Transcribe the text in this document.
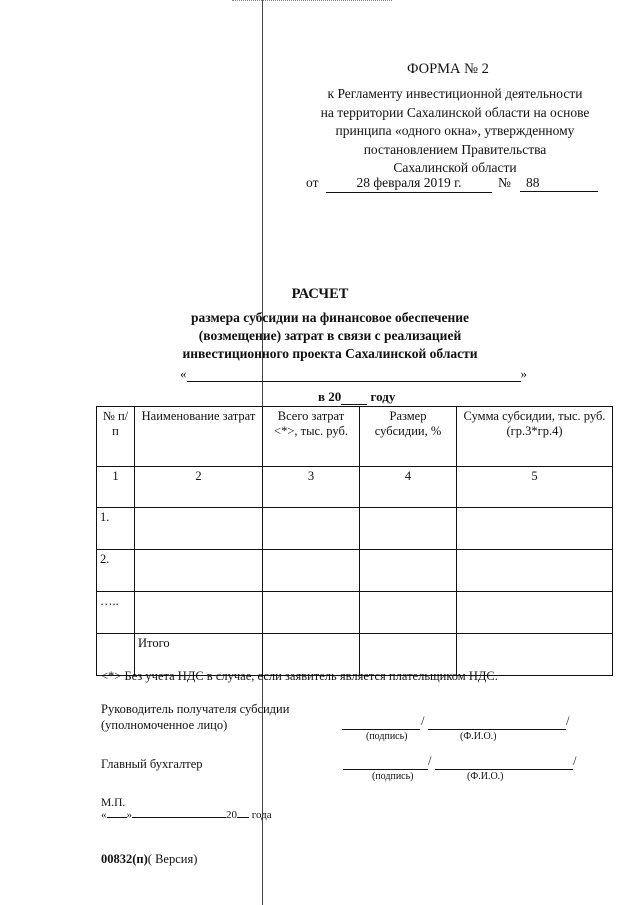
ФОРМА № 2
к Регламенту инвестиционной деятельности
на территории Сахалинской области на основе
принципа «одного окна», утвержденному
постановлением Правительства
Сахалинской области
от	28 февраля 2019 г.	№	88
РАСЧЕТ
размера субсидии на финансовое обеспечение
(возмещение) затрат в связи с реализацией
инвестиционного проекта Сахалинской области
«	»
в 20 году
№ п/п	Наименование затрат	Всего затрат <*>, тыс. руб.	Размер субсидии, %	Сумма субсидии, тыс. руб. (гр.3*гр.4)
1	2	3	4	5
1.				
2.				
…..				
	Итого			
<*> Без учета НДС в случае, если заявитель является плательщиком НДС.
Руководитель получателя субсидии
(уполномоченное лицо)	/	/
(подпись)	(Ф.И.О.)
Главный бухгалтер	/	/
(подпись)	(Ф.И.О.)
М.П.
« »	20 года
00832(п)( Версия)
